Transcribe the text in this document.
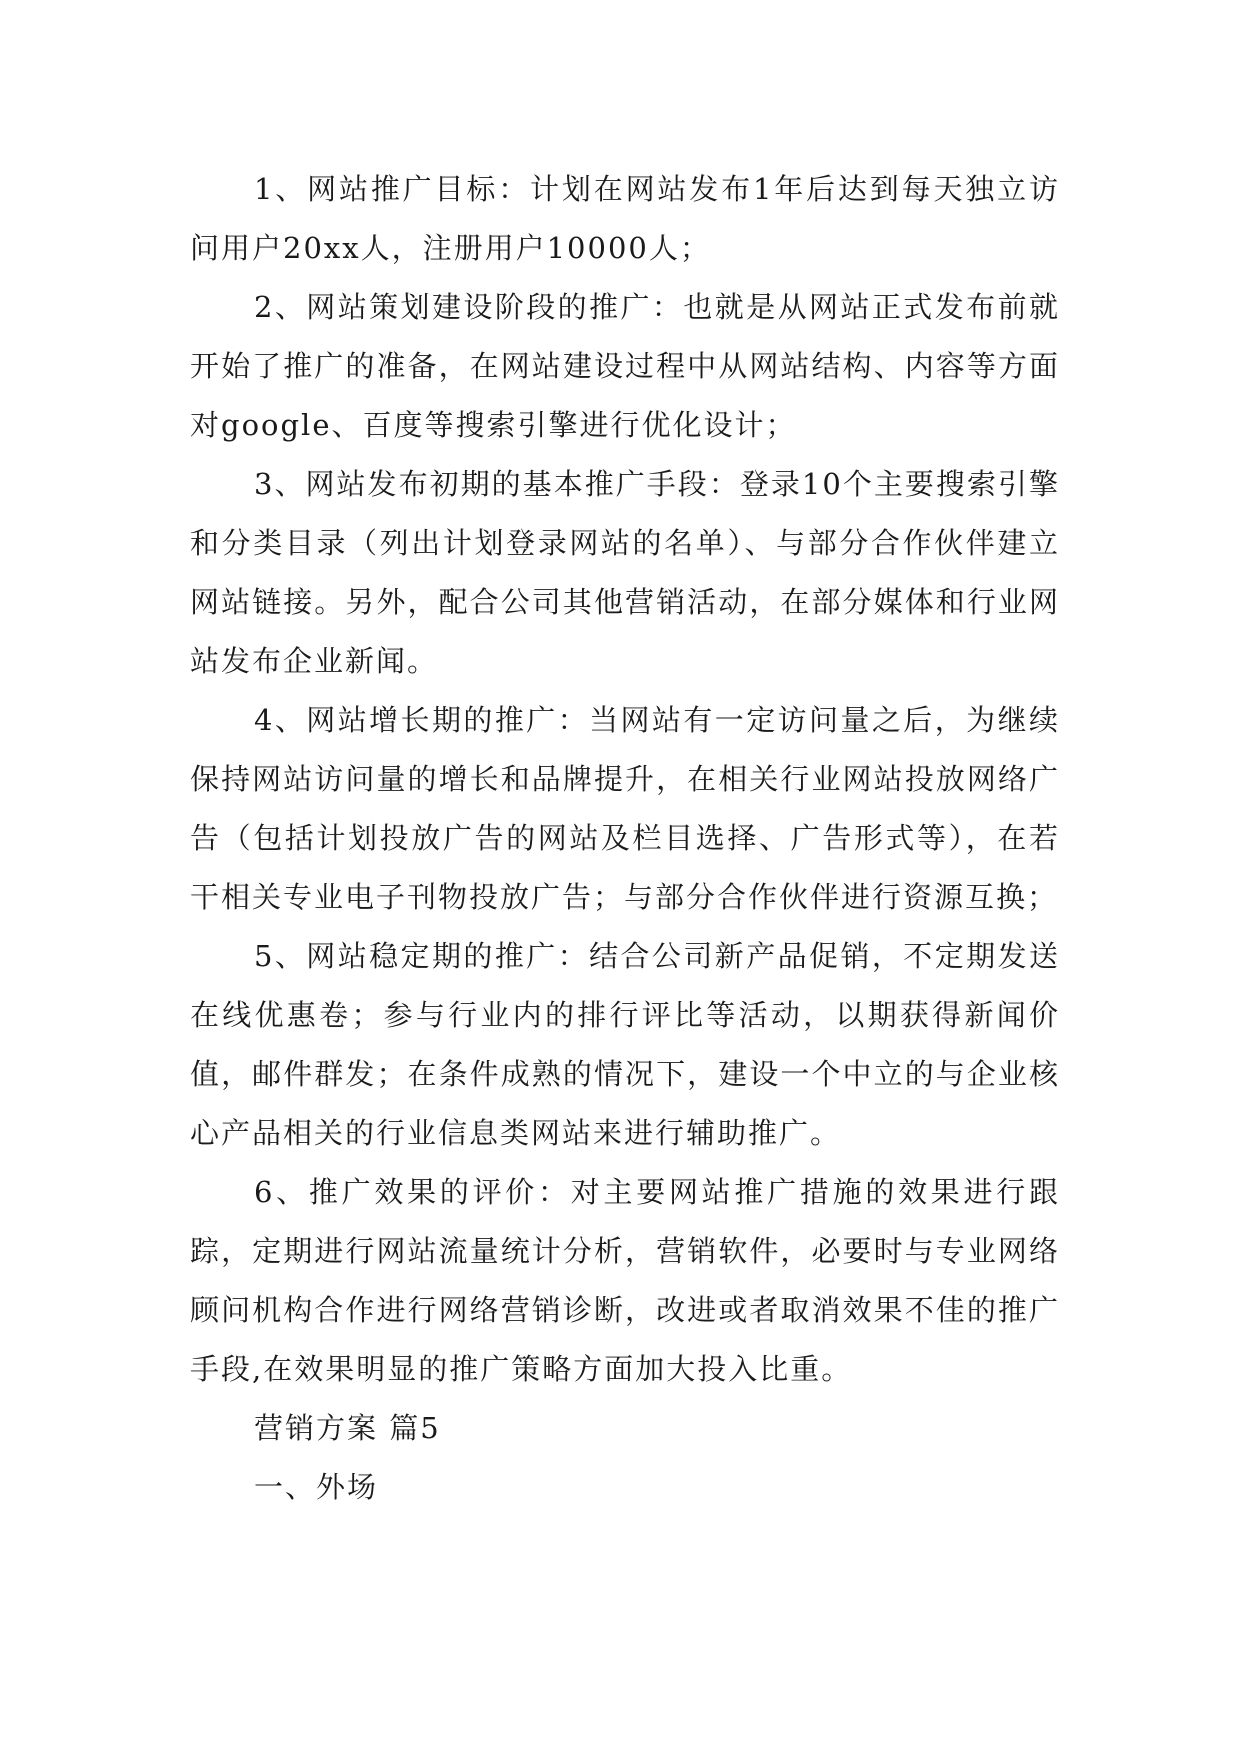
1、网站推广目标：计划在网站发布1年后达到每天独立访问用户20xx人，注册用户10000人；

2、网站策划建设阶段的推广：也就是从网站正式发布前就开始了推广的准备，在网站建设过程中从网站结构、内容等方面对google、百度等搜索引擎进行优化设计；

3、网站发布初期的基本推广手段：登录10个主要搜索引擎和分类目录（列出计划登录网站的名单）、与部分合作伙伴建立网站链接。另外，配合公司其他营销活动，在部分媒体和行业网站发布企业新闻。

4、网站增长期的推广：当网站有一定访问量之后，为继续保持网站访问量的增长和品牌提升，在相关行业网站投放网络广告（包括计划投放广告的网站及栏目选择、广告形式等），在若干相关专业电子刊物投放广告；与部分合作伙伴进行资源互换；

5、网站稳定期的推广：结合公司新产品促销，不定期发送在线优惠卷；参与行业内的排行评比等活动，以期获得新闻价值，邮件群发；在条件成熟的情况下，建设一个中立的与企业核心产品相关的行业信息类网站来进行辅助推广。

6、推广效果的评价：对主要网站推广措施的效果进行跟踪，定期进行网站流量统计分析，营销软件，必要时与专业网络顾问机构合作进行网络营销诊断，改进或者取消效果不佳的推广手段,在效果明显的推广策略方面加大投入比重。

营销方案 篇5

一、外场
